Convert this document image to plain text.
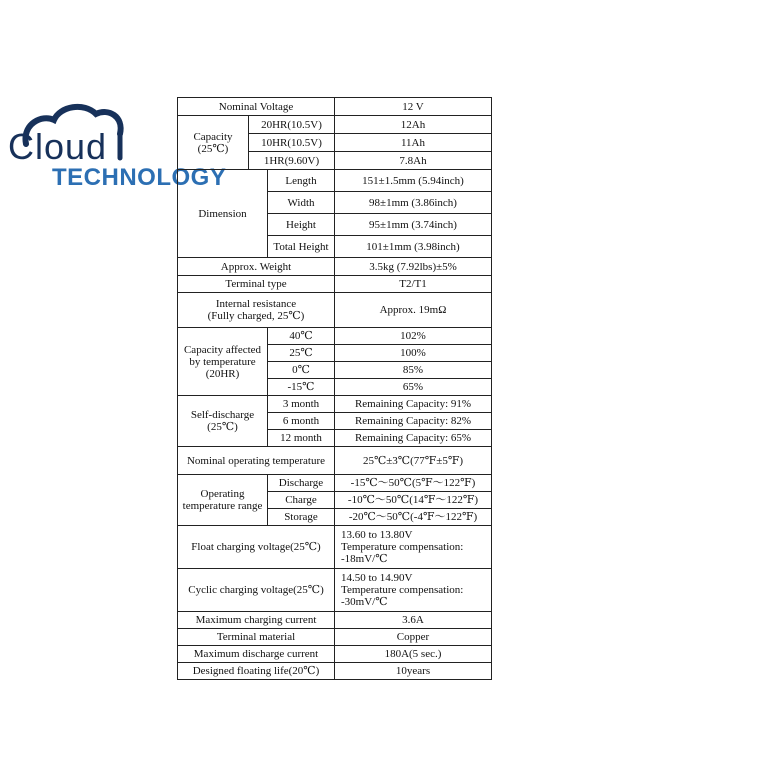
Cloud
TECHNOLOGY
Nominal Voltage			12 V
Capacity
(25℃)	20HR(10.5V)		12Ah
	10HR(10.5V)		11Ah
	1HR(9.60V)		7.8Ah
Dimension		Length	151±1.5mm (5.94inch)
		Width	98±1mm (3.86inch)
		Height	95±1mm (3.74inch)
		Total Height	101±1mm (3.98inch)
Approx. Weight			3.5kg (7.92lbs)±5%
Terminal type			T2/T1
Internal resistance
(Fully charged, 25℃)			Approx. 19mΩ
Capacity affected by temperature (20HR)		40℃	102%
		25℃	100%
		0℃	85%
		-15℃	65%
Self-discharge
(25℃)		3 month	Remaining Capacity: 91%
		6 month	Remaining Capacity: 82%
		12 month	Remaining Capacity: 65%
Nominal operating temperature			25℃±3℃(77℉±5℉)
Operating temperature range		Discharge	-15℃～50℃(5℉～122℉)
		Charge	-10℃～50℃(14℉～122℉)
		Storage	-20℃～50℃(-4℉～122℉)
Float charging voltage(25℃)			13.60 to 13.80V
Temperature compensation:
-18mV/℃
Cyclic charging voltage(25℃)			14.50 to 14.90V
Temperature compensation:
-30mV/℃
Maximum charging current			3.6A
Terminal material			Copper
Maximum discharge current			180A(5 sec.)
Designed floating life(20℃)			10years
